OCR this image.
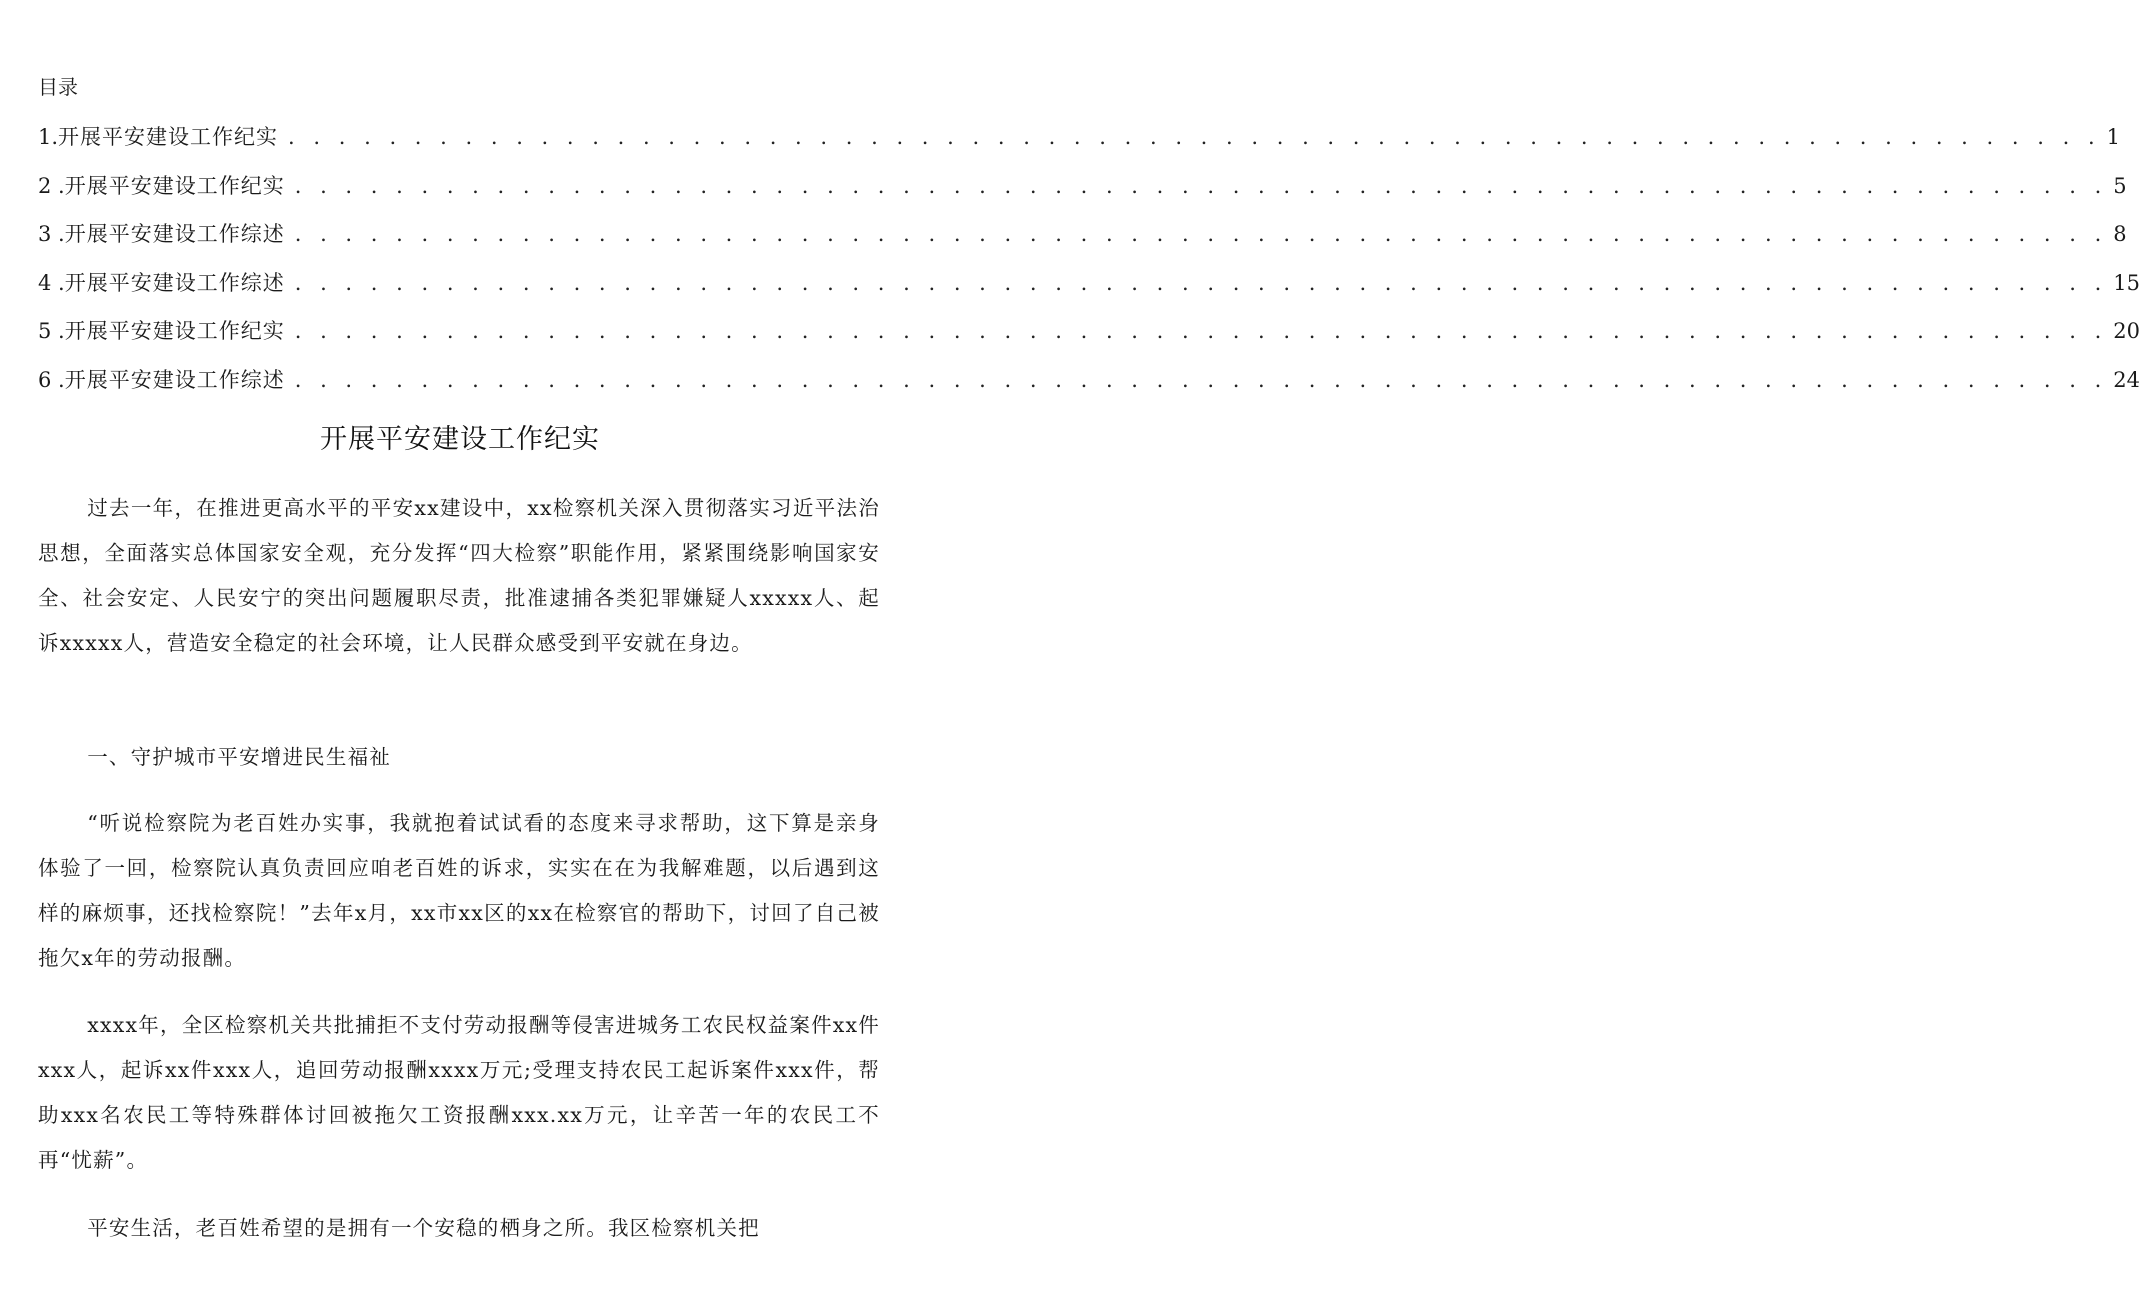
目录
1. 开展平安建设工作纪实 . . . . . . . . . . . . . . . . . . . . . . . . . . . . . . . . . . . . . . . . . . . . . . . . . . . . . . . . . . . . . . . . . . . . . . . . 1
2 . 开展平安建设工作纪实 . . . . . . . . . . . . . . . . . . . . . . . . . . . . . . . . . . . . . . . . . . . . . . . . . . . . . . . . . . . . . . . . . . . . . . . . 5
3 . 开展平安建设工作综述 . . . . . . . . . . . . . . . . . . . . . . . . . . . . . . . . . . . . . . . . . . . . . . . . . . . . . . . . . . . . . . . . . . . . . . . . 8
4 . 开展平安建设工作综述 . . . . . . . . . . . . . . . . . . . . . . . . . . . . . . . . . . . . . . . . . . . . . . . . . . . . . . . . . . . . . . . . . . . . . . . . 15
5 . 开展平安建设工作纪实 . . . . . . . . . . . . . . . . . . . . . . . . . . . . . . . . . . . . . . . . . . . . . . . . . . . . . . . . . . . . . . . . . . . . . . . . 20
6 . 开展平安建设工作综述 . . . . . . . . . . . . . . . . . . . . . . . . . . . . . . . . . . . . . . . . . . . . . . . . . . . . . . . . . . . . . . . . . . . . . . . . 24
开展平安建设工作纪实

过去一年，在推进更高水平的平安xx建设中，xx检察机关深入贯彻落实习近平法治思想，全面落实总体国家安全观，充分发挥“四大检察”职能作用，紧紧围绕影响国家安全、社会安定、人民安宁的突出问题履职尽责，批准逮捕各类犯罪嫌疑人xxxxx人、起诉xxxxx人，营造安全稳定的社会环境，让人民群众感受到平安就在身边。

一、守护城市平安增进民生福祉

“听说检察院为老百姓办实事，我就抱着试试看的态度来寻求帮助，这下算是亲身体验了一回，检察院认真负责回应咱老百姓的诉求，实实在在为我解难题，以后遇到这样的麻烦事，还找检察院！”去年x月，xx市xx区的xx在检察官的帮助下，讨回了自己被拖欠x年的劳动报酬。

xxxx年，全区检察机关共批捕拒不支付劳动报酬等侵害进城务工农民权益案件xx件xxx人，起诉xx件xxx人，追回劳动报酬xxxx万元;受理支持农民工起诉案件xxx件，帮助xxx名农民工等特殊群体讨回被拖欠工资报酬xxx.xx万元，让辛苦一年的农民工不再“忧薪”。

平安生活，老百姓希望的是拥有一个安稳的栖身之所。我区检察机关把
